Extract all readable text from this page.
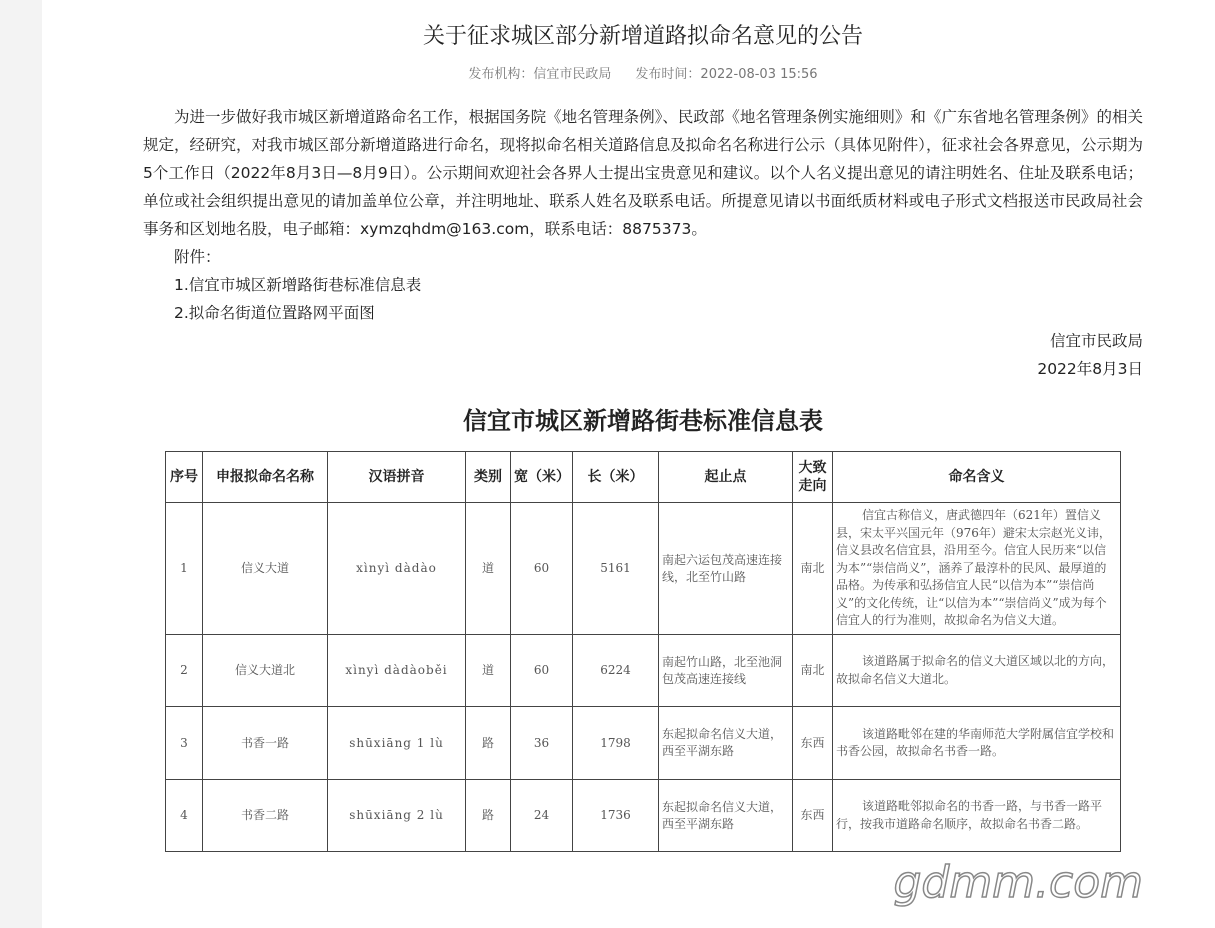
关于征求城区部分新增道路拟命名意见的公告
发布机构：信宜市民政局 发布时间：2022-08-03 15:56

为进一步做好我市城区新增道路命名工作，根据国务院《地名管理条例》、民政部《地名管理条例实施细则》和《广东省地名管理条例》的相关规定，经研究，对我市城区部分新增道路进行命名，现将拟命名相关道路信息及拟命名名称进行公示（具体见附件），征求社会各界意见，公示期为5个工作日（2022年8月3日—8月9日）。公示期间欢迎社会各界人士提出宝贵意见和建议。以个人名义提出意见的请注明姓名、住址及联系电话；单位或社会组织提出意见的请加盖单位公章，并注明地址、联系人姓名及联系电话。所提意见请以书面纸质材料或电子形式文档报送市民政局社会事务和区划地名股，电子邮箱：xymzqhdm@163.com，联系电话：8875373。

附件：

1.信宜市城区新增路街巷标准信息表

2.拟命名街道位置路网平面图

信宜市民政局

2022年8月3日

信宜市城区新增路街巷标准信息表
序号	申报拟命名名称	汉语拼音	类别	宽（米）	长（米）	起止点	大致走向	命名含义
1	信义大道	xìnyì dàdào	道	60	5161	南起六运包茂高速连接线，北至竹山路	南北	信宜古称信义，唐武德四年（621年）置信义县，宋太平兴国元年（976年）避宋太宗赵光义讳，信义县改名信宜县，沿用至今。信宜人民历来“以信为本”“崇信尚义”，涵养了最淳朴的民风、最厚道的品格。为传承和弘扬信宜人民“以信为本”“崇信尚义”的文化传统，让“以信为本”“崇信尚义”成为每个信宜人的行为准则，故拟命名为信义大道。
2	信义大道北	xìnyì dàdàoběi	道	60	6224	南起竹山路，北至池洞包茂高速连接线	南北	该道路属于拟命名的信义大道区域以北的方向，故拟命名信义大道北。
3	书香一路	shūxiāng 1 lù	路	36	1798	东起拟命名信义大道，西至平湖东路	东西	该道路毗邻在建的华南师范大学附属信宜学校和书香公园，故拟命名书香一路。
4	书香二路	shūxiāng 2 lù	路	24	1736	东起拟命名信义大道，西至平湖东路	东西	该道路毗邻拟命名的书香一路，与书香一路平行，按我市道路命名顺序，故拟命名书香二路。
gdmm.com
